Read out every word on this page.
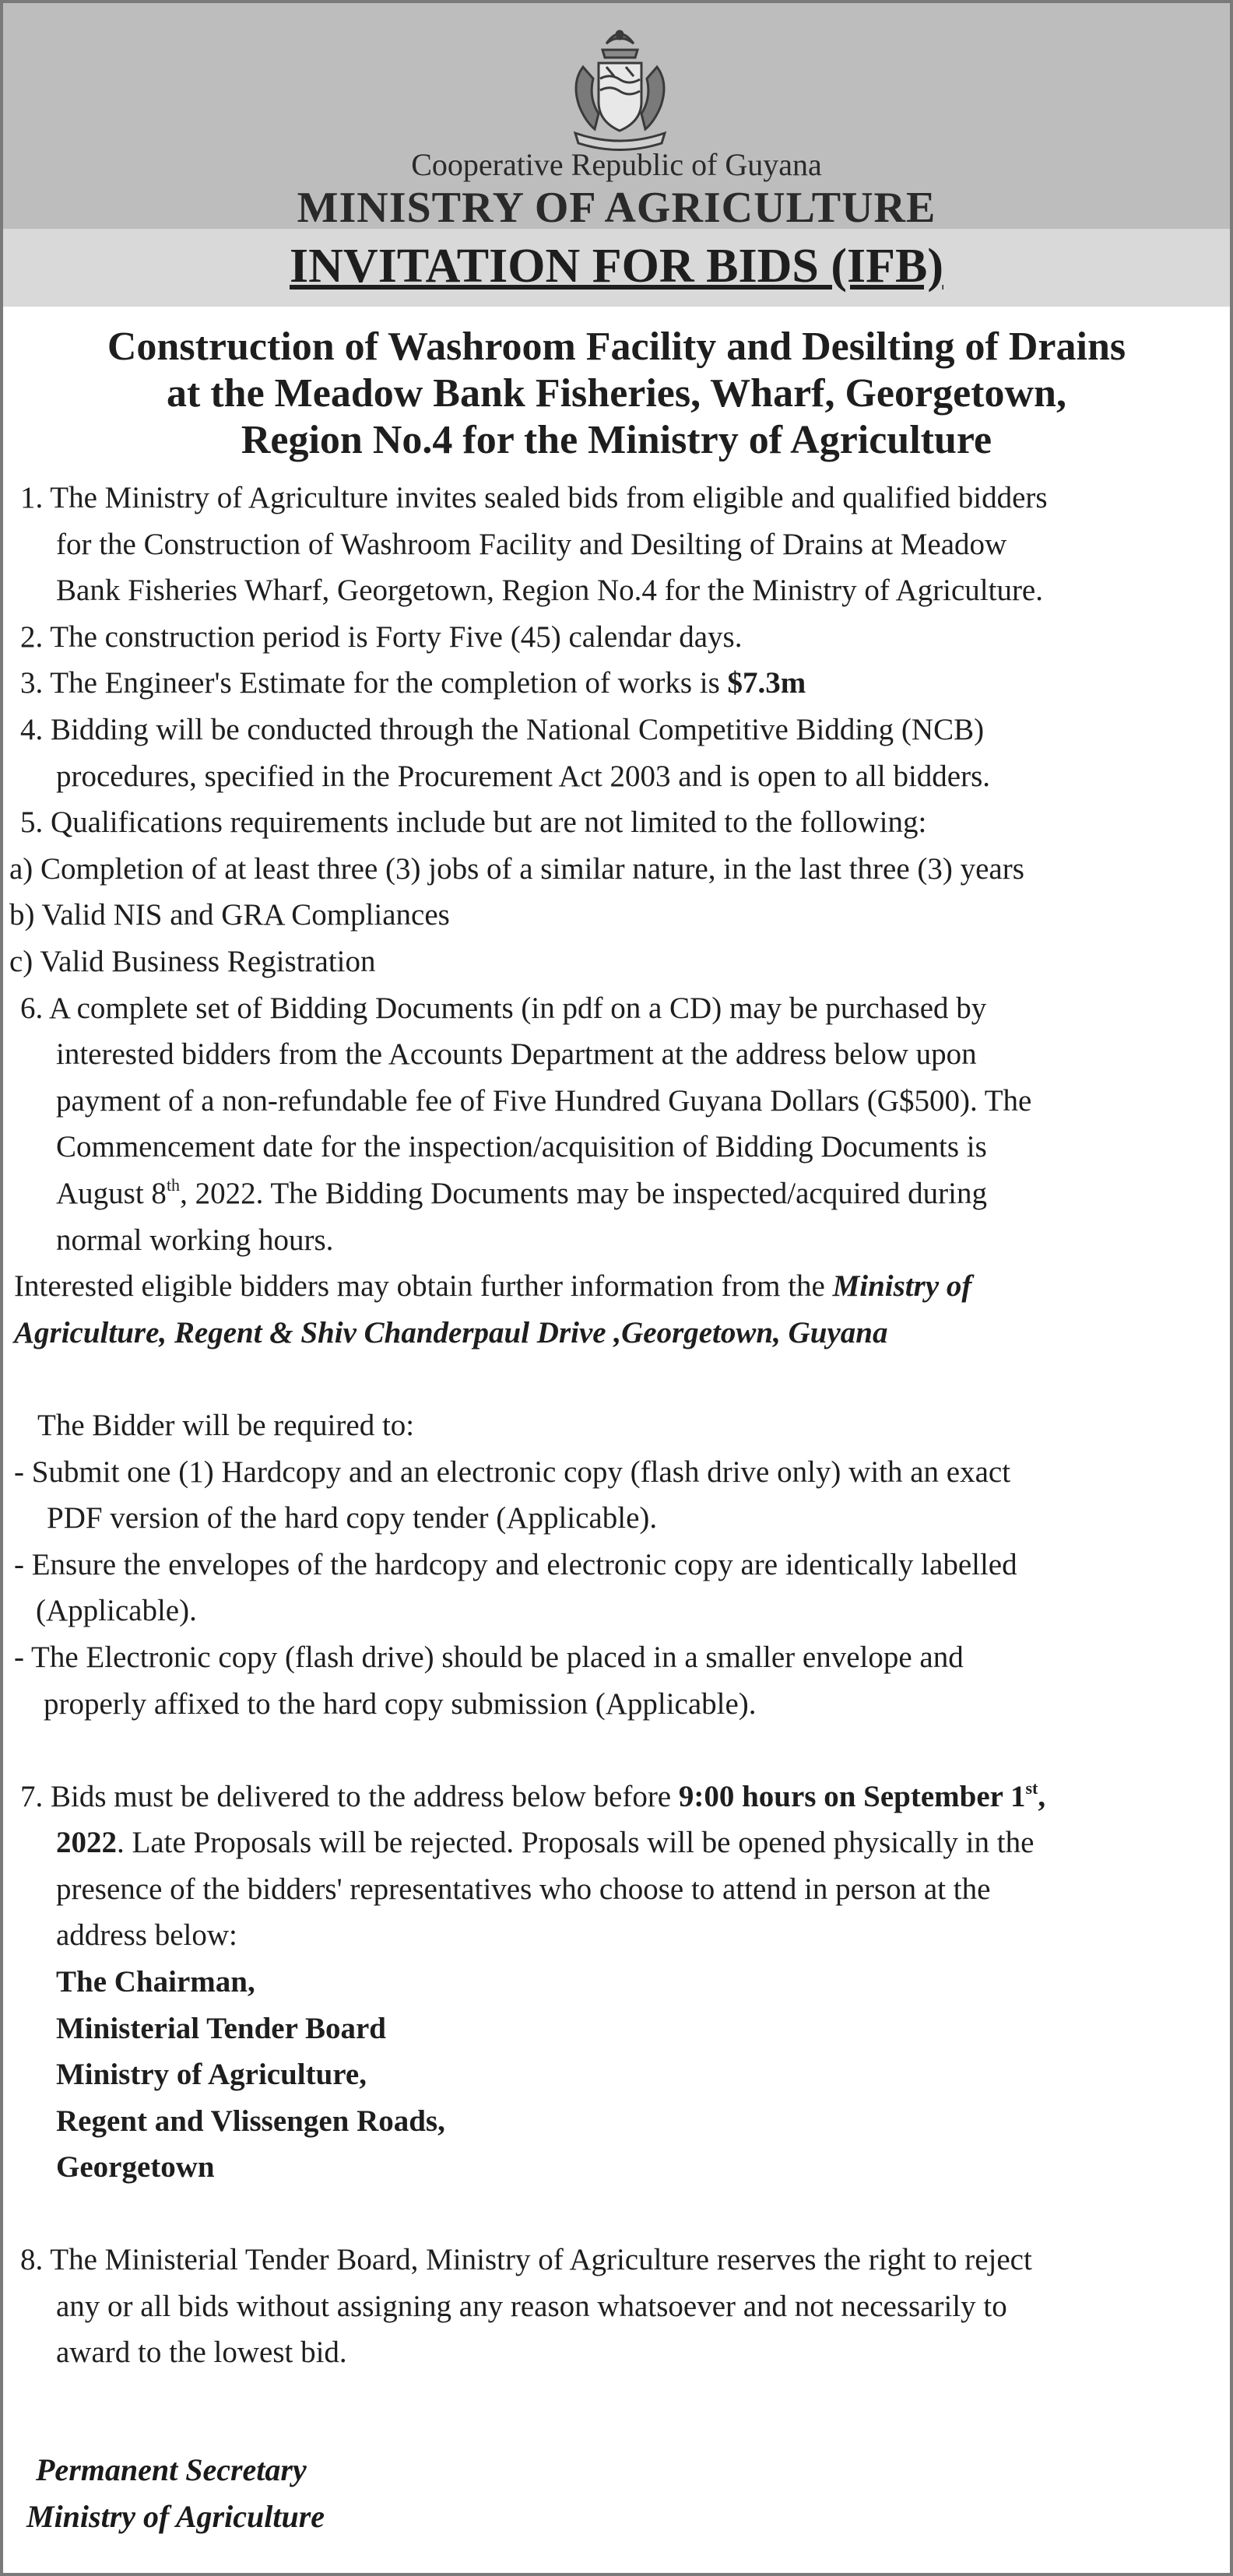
Cooperative Republic of Guyana
MINISTRY OF AGRICULTURE
INVITATION FOR BIDS (IFB)
Construction of Washroom Facility and Desilting of Drains
at the Meadow Bank Fisheries, Wharf, Georgetown,
Region No.4 for the Ministry of Agriculture
1. The Ministry of Agriculture invites sealed bids from eligible and qualified bidders
for the Construction of Washroom Facility and Desilting of Drains at Meadow
Bank Fisheries Wharf, Georgetown, Region No.4 for the Ministry of Agriculture.
2. The construction period is Forty Five (45) calendar days.
3. The Engineer's Estimate for the completion of works is $7.3m
4. Bidding will be conducted through the National Competitive Bidding (NCB)
procedures, specified in the Procurement Act 2003 and is open to all bidders.
5. Qualifications requirements include but are not limited to the following:
a) Completion of at least three (3) jobs of a similar nature, in the last three (3) years
b) Valid NIS and GRA Compliances
c) Valid Business Registration
6. A complete set of Bidding Documents (in pdf on a CD) may be purchased by
interested bidders from the Accounts Department at the address below upon
payment of a non-refundable fee of Five Hundred Guyana Dollars (G$500). The
Commencement date for the inspection/acquisition of Bidding Documents is
August 8th, 2022. The Bidding Documents may be inspected/acquired during
normal working hours.
Interested eligible bidders may obtain further information from the Ministry of
Agriculture, Regent & Shiv Chanderpaul Drive ,Georgetown, Guyana
The Bidder will be required to:
- Submit one (1) Hardcopy and an electronic copy (flash drive only) with an exact
PDF version of the hard copy tender (Applicable).
- Ensure the envelopes of the hardcopy and electronic copy are identically labelled
(Applicable).
- The Electronic copy (flash drive) should be placed in a smaller envelope and
properly affixed to the hard copy submission (Applicable).
7. Bids must be delivered to the address below before 9:00 hours on September 1st,
2022. Late Proposals will be rejected. Proposals will be opened physically in the
presence of the bidders' representatives who choose to attend in person at the
address below:
The Chairman,
Ministerial Tender Board
Ministry of Agriculture,
Regent and Vlissengen Roads,
Georgetown
8. The Ministerial Tender Board, Ministry of Agriculture reserves the right to reject
any or all bids without assigning any reason whatsoever and not necessarily to
award to the lowest bid.
Permanent Secretary
Ministry of Agriculture
